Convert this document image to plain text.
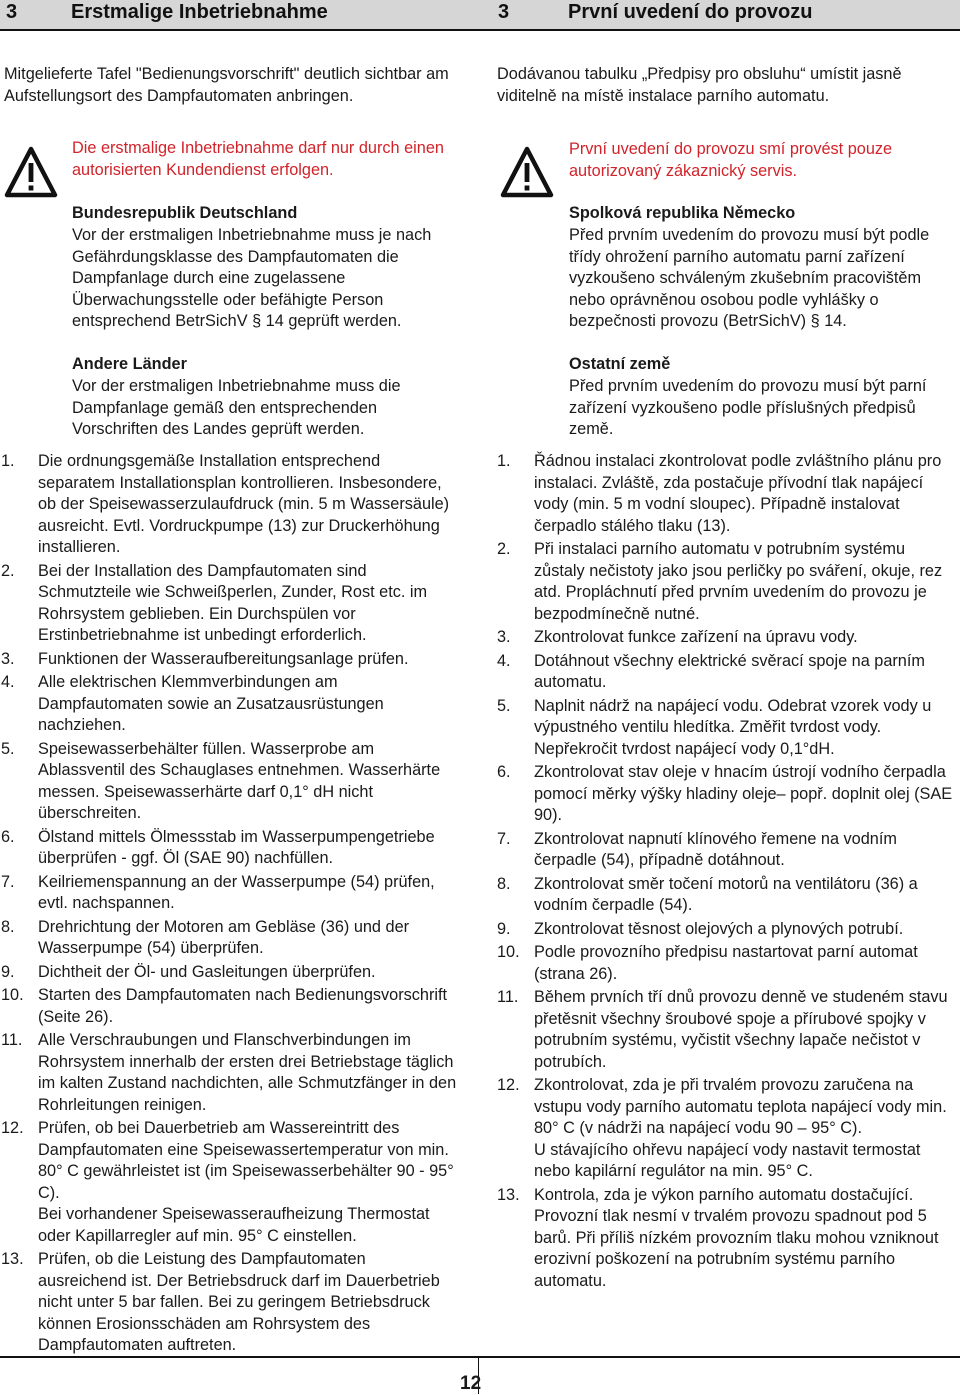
3	Erstmalige Inbetriebnahme	3	První uvedení do provozu

Mitgelieferte Tafel "Bedienungsvorschrift" deutlich sichtbar am Aufstellungsort des Dampfautomaten anbringen.

Die erstmalige Inbetriebnahme darf nur durch einen autorisierten Kundendienst erfolgen.

Bundesrepublik Deutschland

Vor der erstmaligen Inbetriebnahme muss je nach Gefährdungsklasse des Dampfautomaten die Dampfanlage durch eine zugelassene Überwachungsstelle oder befähigte Person entsprechend BetrSichV § 14 geprüft werden.

Andere Länder

Vor der erstmaligen Inbetriebnahme muss die Dampfanlage gemäß den entsprechenden Vorschriften des Landes geprüft werden.

1.	Die ordnungsgemäße Installation entsprechend separatem Installationsplan kontrollieren. Insbesondere, ob der Speisewasserzulaufdruck (min. 5 m Wassersäule) ausreicht. Evtl. Vordruckpumpe (13) zur Druckerhöhung installieren.
2.	Bei der Installation des Dampfautomaten sind Schmutzteile wie Schweißperlen, Zunder, Rost etc. im Rohrsystem geblieben. Ein Durchspülen vor Erstinbetriebnahme ist unbedingt erforderlich.
3.	Funktionen der Wasseraufbereitungsanlage prüfen.
4.	Alle elektrischen Klemmverbindungen am Dampfautomaten sowie an Zusatzausrüstungen nachziehen.
5.	Speisewasserbehälter füllen. Wasserprobe am Ablassventil des Schauglases entnehmen. Wasserhärte messen. Speisewasserhärte darf 0,1° dH nicht überschreiten.
6.	Ölstand mittels Ölmessstab im Wasserpumpengetriebe überprüfen - ggf. Öl (SAE 90) nachfüllen.
7.	Keilriemenspannung an der Wasserpumpe (54) prüfen, evtl. nachspannen.
8.	Drehrichtung der Motoren am Gebläse (36) und der Wasserpumpe (54) überprüfen.
9.	Dichtheit der Öl- und Gasleitungen überprüfen.
10. Starten des Dampfautomaten nach Bedienungsvorschrift (Seite 26).
11. Alle Verschraubungen und Flanschverbindungen im Rohrsystem innerhalb der ersten drei Betriebstage täglich im kalten Zustand nachdichten, alle Schmutzfänger in den Rohrleitungen reinigen.
12. Prüfen, ob bei Dauerbetrieb am Wassereintritt des Dampfautomaten eine Speisewassertemperatur von min. 80° C gewährleistet ist (im Speisewasserbehälter 90 - 95° C).
Bei vorhandener Speisewasseraufheizung Thermostat oder Kapillarregler auf min. 95° C einstellen.
13. Prüfen, ob die Leistung des Dampfautomaten ausreichend ist. Der Betriebsdruck darf im Dauerbetrieb nicht unter 5 bar fallen. Bei zu geringem Betriebsdruck können Erosionsschäden am Rohrsystem des Dampfautomaten auftreten.

Dodávanou tabulku „Předpisy pro obsluhu“ umístit jasně viditelně na místě instalace parního automatu.

První uvedení do provozu smí provést pouze autorizovaný zákaznický servis.

Spolková republika Německo

Před prvním uvedením do provozu musí být podle třídy ohrožení parního automatu parní zařízení vyzkoušeno schváleným zkušebním pracovištěm nebo oprávněnou osobou podle vyhlášky o bezpečnosti provozu (BetrSichV) § 14.

Ostatní země

Před prvním uvedením do provozu musí být parní zařízení vyzkoušeno podle příslušných předpisů země.

1.	Řádnou instalaci zkontrolovat podle zvláštního plánu pro instalaci. Zvláště, zda postačuje přívodní tlak napájecí vody (min. 5 m vodní sloupec). Případně instalovat čerpadlo stálého tlaku (13).
2.	Při instalaci parního automatu v potrubním systému zůstaly nečistoty jako jsou perličky po sváření, okuje, rez atd. Propláchnutí před prvním uvedením do provozu je bezpodmínečně nutné.
3.	Zkontrolovat funkce zařízení na úpravu vody.
4.	Dotáhnout všechny elektrické svěrací spoje na parním automatu.
5.	Naplnit nádrž na napájecí vodu. Odebrat vzorek vody u výpustného ventilu hledítka. Změřit tvrdost vody. Nepřekročit tvrdost napájecí vody 0,1°dH.
6.	Zkontrolovat stav oleje v hnacím ústrojí vodního čerpadla pomocí měrky výšky hladiny oleje– popř. doplnit olej (SAE 90).
7.	Zkontrolovat napnutí klínového řemene na vodním čerpadle (54), případně dotáhnout.
8.	Zkontrolovat směr točení motorů na ventilátoru (36) a vodním čerpadle (54).
9.	Zkontrolovat těsnost olejových a plynových potrubí.
10. Podle provozního předpisu nastartovat parní automat (strana 26).
11. Během prvních tří dnů provozu denně ve studeném stavu přetěsnit všechny šroubové spoje a přírubové spojky v potrubním systému, vyčistit všechny lapače nečistot v potrubích.
12. Zkontrolovat, zda je při trvalém provozu zaručena na vstupu vody parního automatu teplota napájecí vody min. 80° C (v nádrži na napájecí vodu 90 – 95° C).
U stávajícího ohřevu napájecí vody nastavit termostat nebo kapilární regulátor na min. 95° C.
13. Kontrola, zda je výkon parního automatu dostačující. Provozní tlak nesmí v trvalém provozu spadnout pod 5 barů. Při příliš nízkém provozním tlaku mohou vzniknout erozivní poškození na potrubním systému parního automatu.
12
